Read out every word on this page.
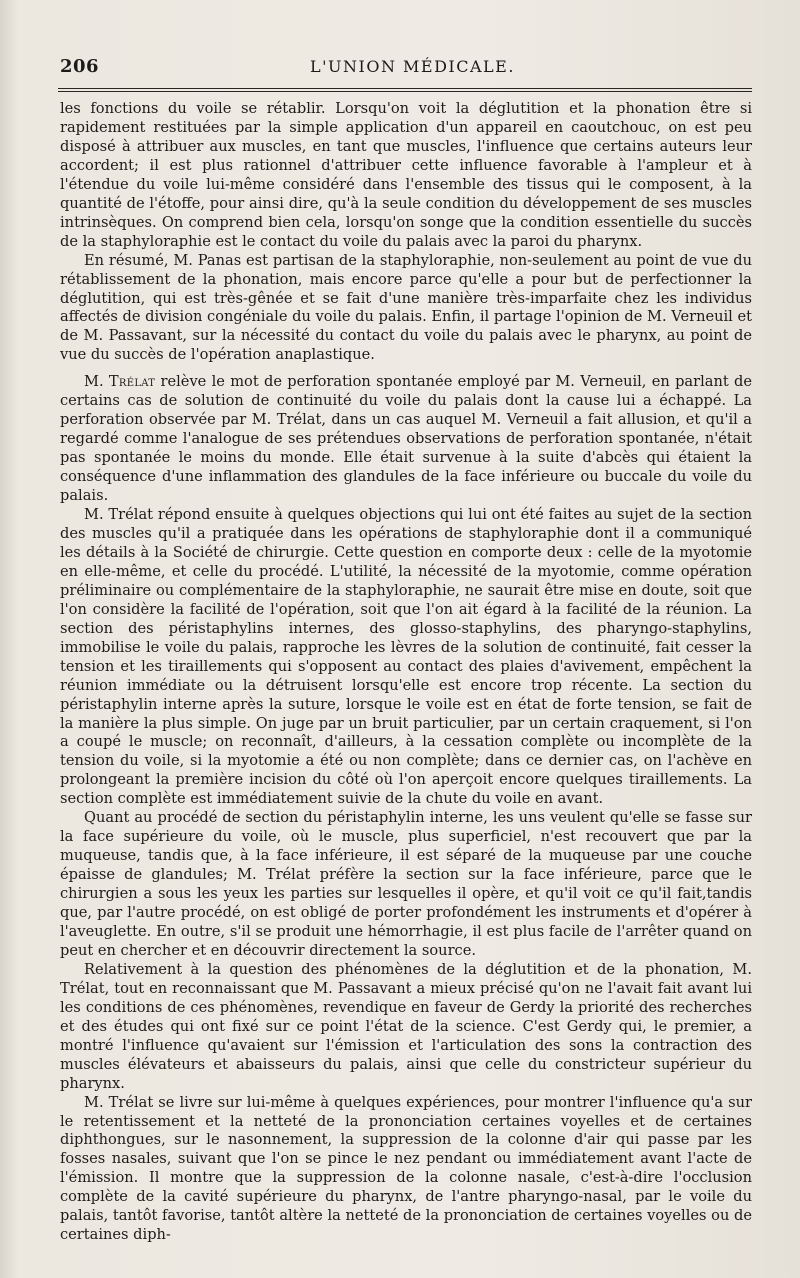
206	L'UNION MÉDICALE.

les fonctions du voile se rétablir. Lorsqu'on voit la déglutition et la phonation être si rapidement restituées par la simple application d'un appareil en caoutchouc, on est peu disposé à attribuer aux muscles, en tant que muscles, l'influence que certains auteurs leur accordent; il est plus rationnel d'attribuer cette influence favorable à l'ampleur et à l'étendue du voile lui-même considéré dans l'ensemble des tissus qui le composent, à la quantité de l'étoffe, pour ainsi dire, qu'à la seule condition du développement de ses muscles intrinsèques. On comprend bien cela, lorsqu'on songe que la condition essentielle du succès de la staphyloraphie est le contact du voile du palais avec la paroi du pharynx.

En résumé, M. Panas est partisan de la staphyloraphie, non-seulement au point de vue du rétablissement de la phonation, mais encore parce qu'elle a pour but de perfectionner la déglutition, qui est très-gênée et se fait d'une manière très-imparfaite chez les individus affectés de division congéniale du voile du palais. Enfin, il partage l'opinion de M. Verneuil et de M. Passavant, sur la nécessité du contact du voile du palais avec le pharynx, au point de vue du succès de l'opération anaplastique.

M. Trélat relève le mot de perforation spontanée employé par M. Verneuil, en parlant de certains cas de solution de continuité du voile du palais dont la cause lui a échappé. La perforation observée par M. Trélat, dans un cas auquel M. Verneuil a fait allusion, et qu'il a regardé comme l'analogue de ses prétendues observations de perforation spontanée, n'était pas spontanée le moins du monde. Elle était survenue à la suite d'abcès qui étaient la conséquence d'une inflammation des glandules de la face inférieure ou buccale du voile du palais.

M. Trélat répond ensuite à quelques objections qui lui ont été faites au sujet de la section des muscles qu'il a pratiquée dans les opérations de staphyloraphie dont il a communiqué les détails à la Société de chirurgie. Cette question en comporte deux : celle de la myotomie en elle-même, et celle du procédé. L'utilité, la nécessité de la myotomie, comme opération préliminaire ou complémentaire de la staphyloraphie, ne saurait être mise en doute, soit que l'on considère la facilité de l'opération, soit que l'on ait égard à la facilité de la réunion. La section des péristaphylins internes, des glosso-staphylins, des pharyngo-staphylins, immobilise le voile du palais, rapproche les lèvres de la solution de continuité, fait cesser la tension et les tiraillements qui s'opposent au contact des plaies d'avivement, empêchent la réunion immédiate ou la détruisent lorsqu'elle est encore trop récente. La section du péristaphylin interne après la suture, lorsque le voile est en état de forte tension, se fait de la manière la plus simple. On juge par un bruit particulier, par un certain craquement, si l'on a coupé le muscle; on reconnaît, d'ailleurs, à la cessation complète ou incomplète de la tension du voile, si la myotomie a été ou non complète; dans ce dernier cas, on l'achève en prolongeant la première incision du côté où l'on aperçoit encore quelques tiraillements. La section complète est immédiatement suivie de la chute du voile en avant.

Quant au procédé de section du péristaphylin interne, les uns veulent qu'elle se fasse sur la face supérieure du voile, où le muscle, plus superficiel, n'est recouvert que par la muqueuse, tandis que, à la face inférieure, il est séparé de la muqueuse par une couche épaisse de glandules; M. Trélat préfère la section sur la face inférieure, parce que le chirurgien a sous les yeux les parties sur lesquelles il opère, et qu'il voit ce qu'il fait,tandis que, par l'autre procédé, on est obligé de porter profondément les instruments et d'opérer à l'aveuglette. En outre, s'il se produit une hémorrhagie, il est plus facile de l'arrêter quand on peut en chercher et en découvrir directement la source.

Relativement à la question des phénomènes de la déglutition et de la phonation, M. Trélat, tout en reconnaissant que M. Passavant a mieux précisé qu'on ne l'avait fait avant lui les conditions de ces phénomènes, revendique en faveur de Gerdy la priorité des recherches et des études qui ont fixé sur ce point l'état de la science. C'est Gerdy qui, le premier, a montré l'influence qu'avaient sur l'émission et l'articulation des sons la contraction des muscles élévateurs et abaisseurs du palais, ainsi que celle du constricteur supérieur du pharynx.

M. Trélat se livre sur lui-même à quelques expériences, pour montrer l'influence qu'a sur le retentissement et la netteté de la prononciation certaines voyelles et de certaines diphthongues, sur le nasonnement, la suppression de la colonne d'air qui passe par les fosses nasales, suivant que l'on se pince le nez pendant ou immédiatement avant l'acte de l'émission. Il montre que la suppression de la colonne nasale, c'est-à-dire l'occlusion complète de la cavité supérieure du pharynx, de l'antre pharyngo-nasal, par le voile du palais, tantôt favorise, tantôt altère la netteté de la prononciation de certaines voyelles ou de certaines diph-
